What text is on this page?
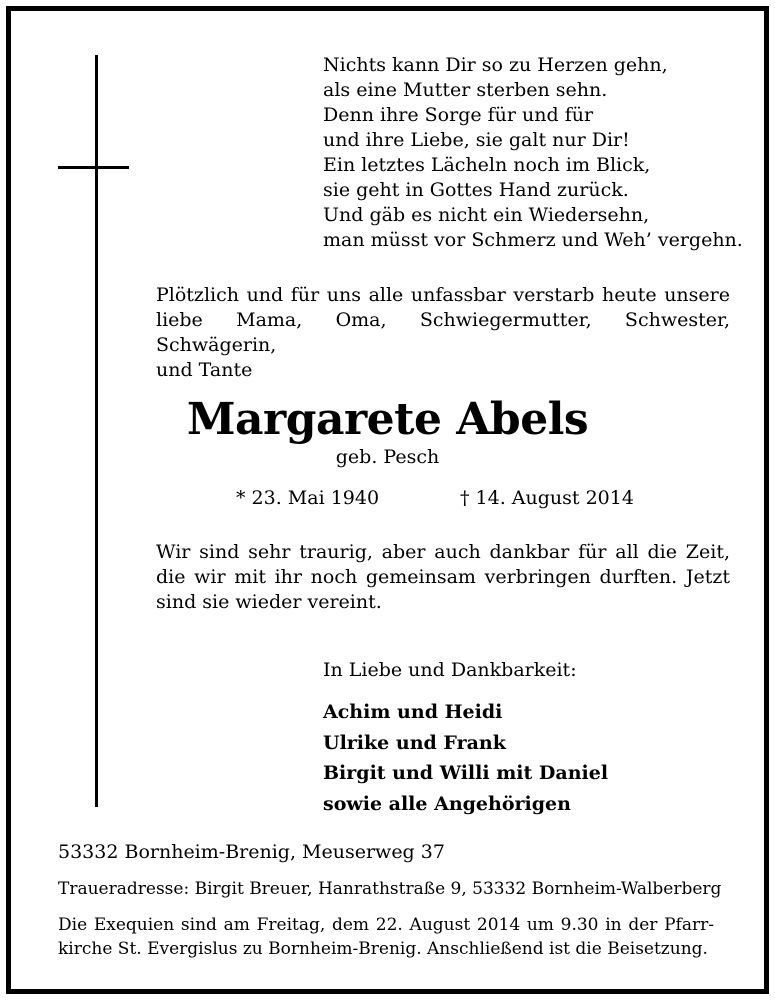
Nichts kann Dir so zu Herzen gehn,
als eine Mutter sterben sehn.
Denn ihre Sorge für und für
und ihre Liebe, sie galt nur Dir!
Ein letztes Lächeln noch im Blick,
sie geht in Gottes Hand zurück.
Und gäb es nicht ein Wiedersehn,
man müsst vor Schmerz und Weh’ vergehn.
Plötzlich und für uns alle unfassbar verstarb heute unsere
liebe Mama, Oma, Schwiegermutter, Schwester, Schwägerin,
und Tante
Margarete Abels
geb. Pesch
* 23. Mai 1940	† 14. August 2014
Wir sind sehr traurig, aber auch dankbar für all die Zeit,
die wir mit ihr noch gemeinsam verbringen durften. Jetzt
sind sie wieder vereint.
In Liebe und Dankbarkeit:
Achim und Heidi
Ulrike und Frank
Birgit und Willi mit Daniel
sowie alle Angehörigen
53332 Bornheim-Brenig, Meuserweg 37
Traueradresse: Birgit Breuer, Hanrathstraße 9, 53332 Bornheim-Walberberg
Die Exequien sind am Freitag, dem 22. August 2014 um 9.30 in der Pfarr-
kirche St. Evergislus zu Bornheim-Brenig. Anschließend ist die Beisetzung.
